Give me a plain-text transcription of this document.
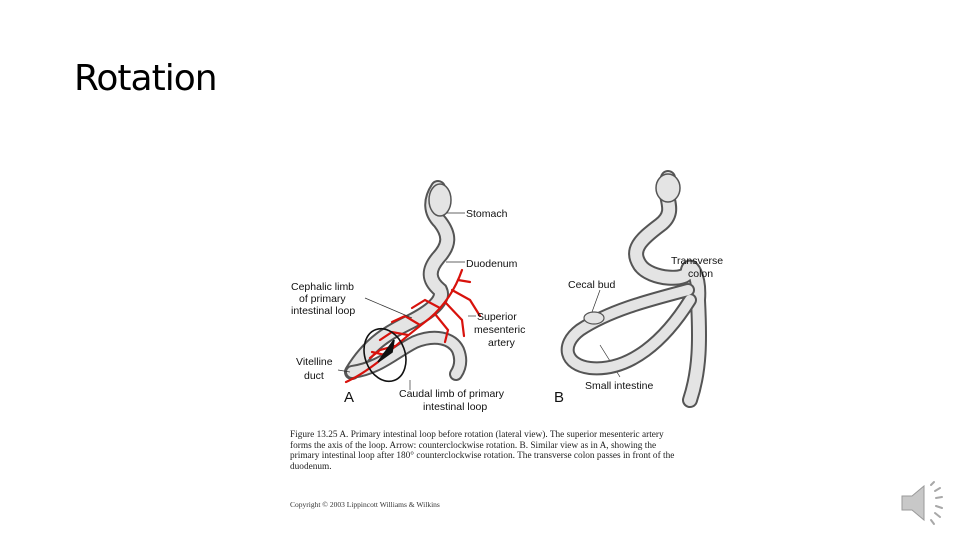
Rotation
Stomach
Duodenum
Cephalic limb
of primary
intestinal loop	Superior
mesenteric
artery
Vitelline
duct
A	Caudal limb of primary
intestinal loop
Transverse
colon
Cecal bud
B
Small intestine
Figure 13.25 A. Primary intestinal loop before rotation (lateral view). The superior mesenteric artery
forms the axis of the loop. Arrow: counterclockwise rotation. B. Similar view as in A, showing the
primary intestinal loop after 180° counterclockwise rotation. The transverse colon passes in front of the
duodenum.
Copyright © 2003 Lippincott Williams & Wilkins
